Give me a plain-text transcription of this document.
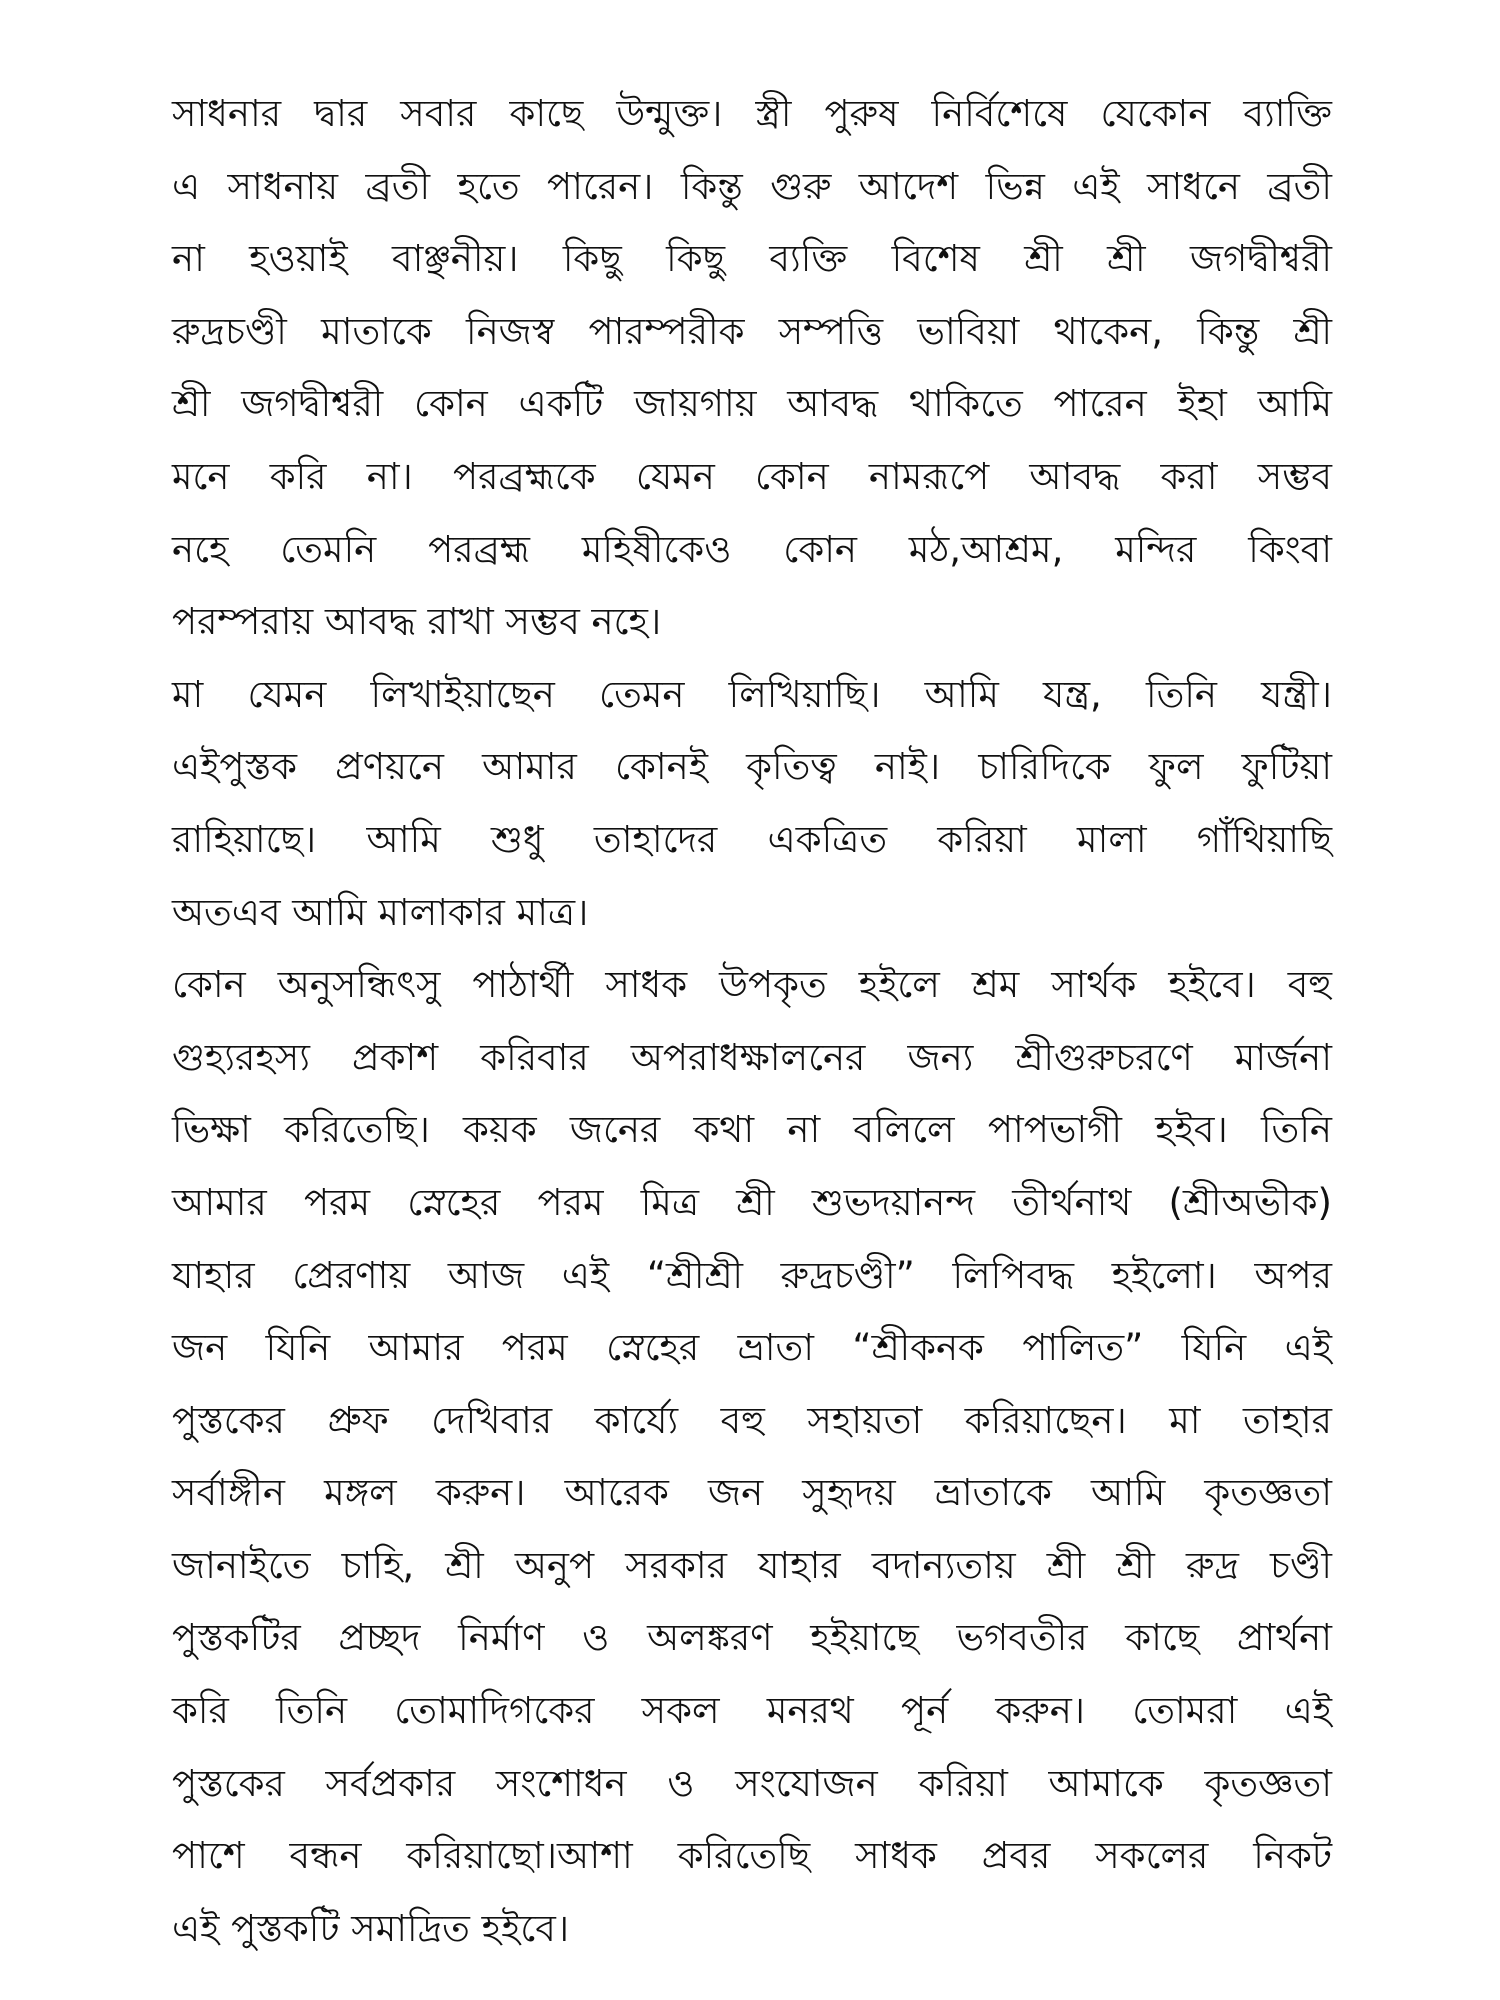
সাধনার দ্বার সবার কাছে উন্মুক্ত। স্ত্রী পুরুষ নির্বিশেষে যেকোন ব্যাক্তি
এ সাধনায় ব্রতী হতে পারেন। কিন্তু গুরু আদেশ ভিন্ন এই সাধনে ব্রতী
না হওয়াই বাঞ্ছনীয়। কিছু কিছু ব্যক্তি বিশেষ শ্রী শ্রী জগদ্বীশ্বরী
রুদ্রচণ্ডী মাতাকে নিজস্ব পারম্পরীক সম্পত্তি ভাবিয়া থাকেন, কিন্তু শ্রী
শ্রী জগদ্বীশ্বরী কোন একটি জায়গায় আবদ্ধ থাকিতে পারেন ইহা আমি
মনে করি না। পরব্রহ্মকে যেমন কোন নামরূপে আবদ্ধ করা সম্ভব
নহে তেমনি পরব্রহ্ম মহিষীকেও কোন মঠ,আশ্রম, মন্দির কিংবা
পরম্পরায় আবদ্ধ রাখা সম্ভব নহে।
মা যেমন লিখাইয়াছেন তেমন লিখিয়াছি। আমি যন্ত্র, তিনি যন্ত্রী।
এইপুস্তক প্রণয়নে আমার কোনই কৃতিত্ব নাই। চারিদিকে ফুল ফুটিয়া
রাহিয়াছে। আমি শুধু তাহাদের একত্রিত করিয়া মালা গাঁথিয়াছি
অতএব আমি মালাকার মাত্র।
কোন অনুসন্ধিৎসু পাঠার্থী সাধক উপকৃত হইলে শ্রম সার্থক হইবে। বহু
গুহ্যরহস্য প্রকাশ করিবার অপরাধক্ষালনের জন্য শ্রীগুরুচরণে মার্জনা
ভিক্ষা করিতেছি। কয়ক জনের কথা না বলিলে পাপভাগী হইব। তিনি
আমার পরম স্নেহের পরম মিত্র শ্রী শুভদয়ানন্দ তীর্থনাথ (শ্রীঅভীক)
যাহার প্রেরণায় আজ এই “শ্রীশ্রী রুদ্রচণ্ডী” লিপিবদ্ধ হইলো। অপর
জন যিনি আমার পরম স্নেহের ভ্রাতা “শ্রীকনক পালিত” যিনি এই
পুস্তকের প্রুফ দেখিবার কার্য্যে বহু সহায়তা করিয়াছেন। মা তাহার
সর্বাঙ্গীন মঙ্গল করুন। আরেক জন সুহৃদয় ভ্রাতাকে আমি কৃতজ্ঞতা
জানাইতে চাহি, শ্রী অনুপ সরকার যাহার বদান্যতায় শ্রী শ্রী রুদ্র চণ্ডী
পুস্তকটির প্রচ্ছদ নির্মাণ ও অলঙ্করণ হইয়াছে ভগবতীর কাছে প্রার্থনা
করি তিনি তোমাদিগকের সকল মনরথ পূর্ন করুন। তোমরা এই
পুস্তকের সর্বপ্রকার সংশোধন ও সংযোজন করিয়া আমাকে কৃতজ্ঞতা
পাশে বন্ধন করিয়াছো।আশা করিতেছি সাধক প্রবর সকলের নিকট
এই পুস্তকটি সমাদ্রিত হইবে।
